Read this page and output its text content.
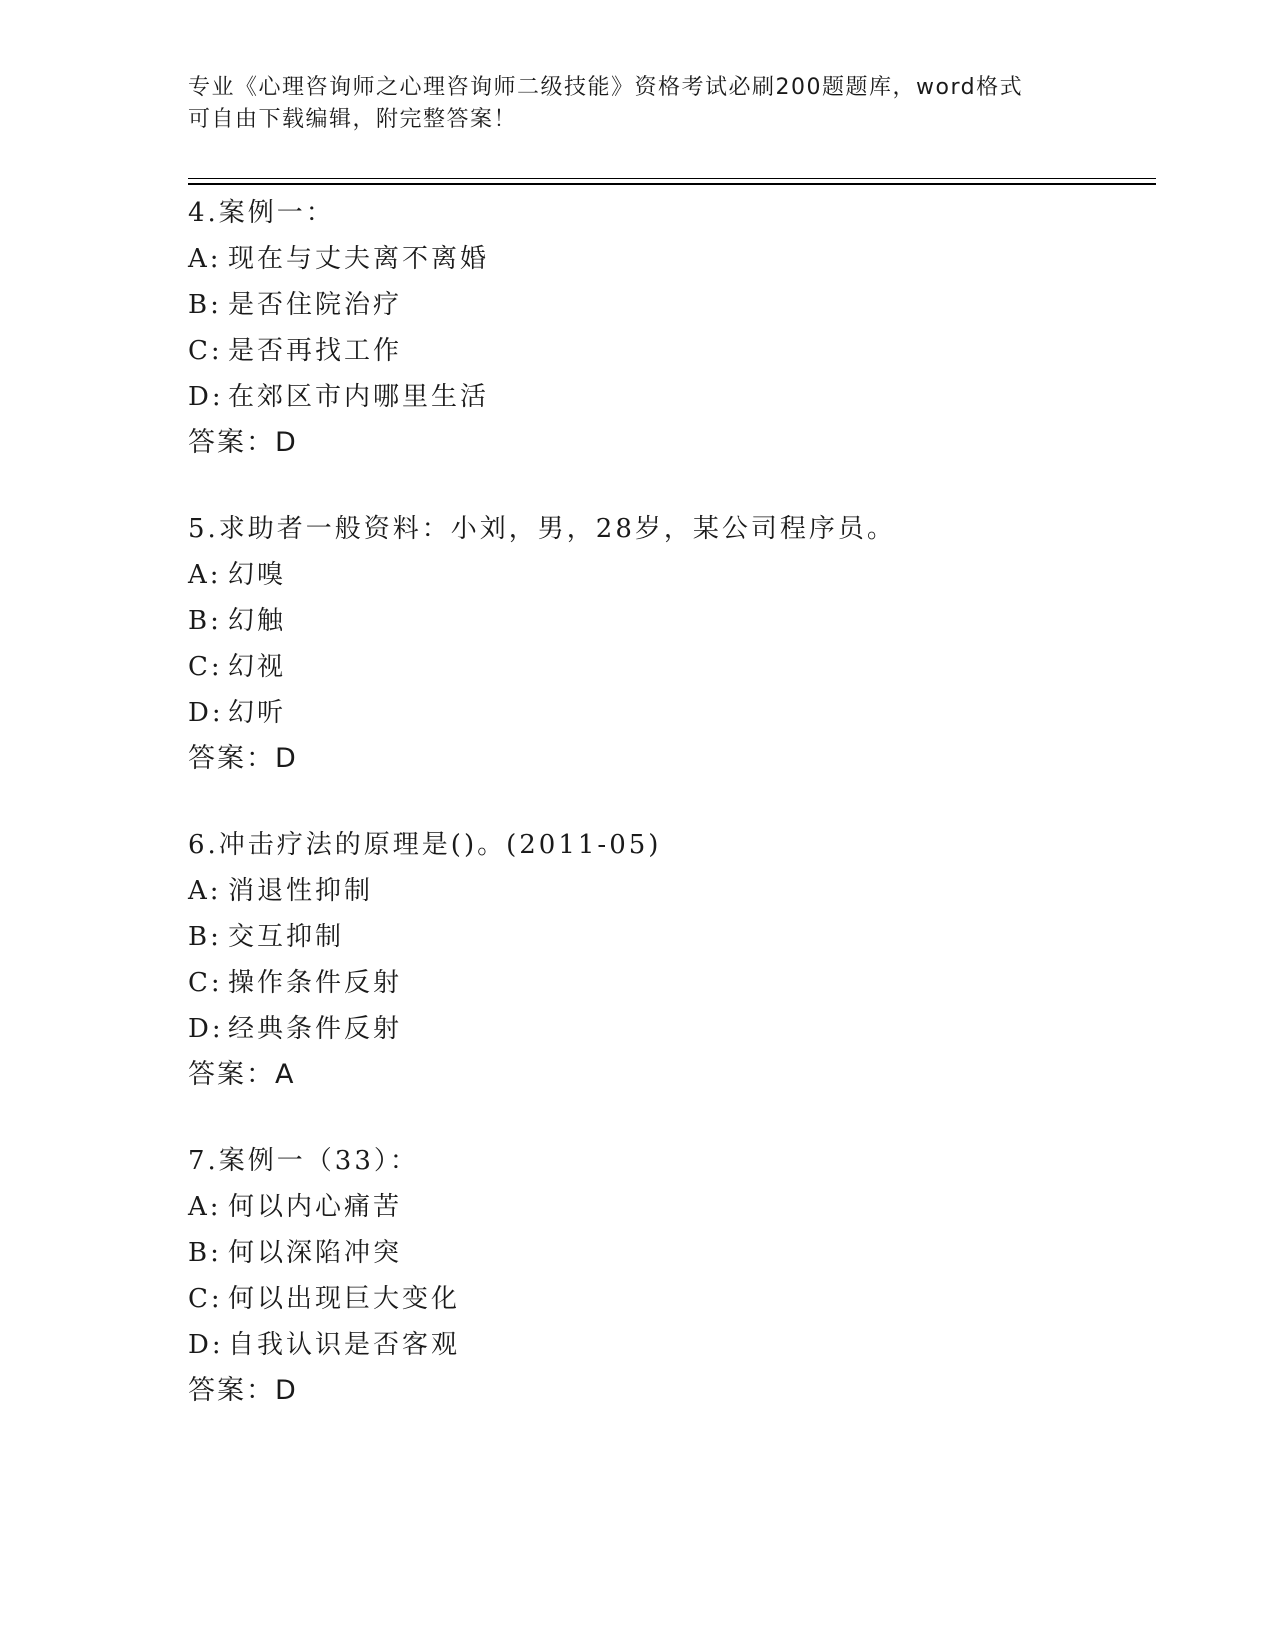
专业《心理咨询师之心理咨询师二级技能》资格考试必刷200题题库，word格式
可自由下载编辑，附完整答案！
4.案例一：
A: 现在与丈夫离不离婚
B: 是否住院治疗
C: 是否再找工作
D: 在郊区市内哪里生活
答案：D
5.求助者一般资料：小刘，男，28岁，某公司程序员。
A: 幻嗅
B: 幻触
C: 幻视
D: 幻听
答案：D
6.冲击疗法的原理是()。(2011-05)
A: 消退性抑制
B: 交互抑制
C: 操作条件反射
D: 经典条件反射
答案：A
7.案例一（33）：
A: 何以内心痛苦
B: 何以深陷冲突
C: 何以出现巨大变化
D: 自我认识是否客观
答案：D
